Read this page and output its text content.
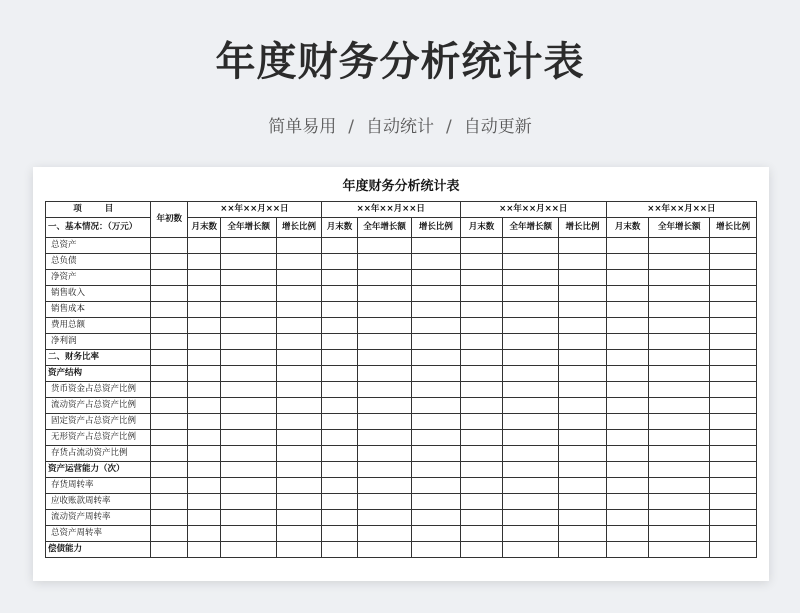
年度财务分析统计表
简单易用 / 自动统计 / 自动更新
年度财务分析统计表
项 目	年初数	××年××月××日			××年××月××日			××年××月××日			××年××月××日		
一、基本情况：（万元）		月末数	全年增长额	增长比例	月末数	全年增长额	增长比例	月末数	全年增长额	增长比例	月末数	全年增长额	增长比例
总资产													
总负债													
净资产													
销售收入													
销售成本													
费用总额													
净利润													
二、财务比率													
资产结构													
货币资金占总资产比例													
流动资产占总资产比例													
固定资产占总资产比例													
无形资产占总资产比例													
存货占流动资产比例													
资产运营能力（次）													
存货周转率													
应收账款周转率													
流动资产周转率													
总资产周转率													
偿债能力													
